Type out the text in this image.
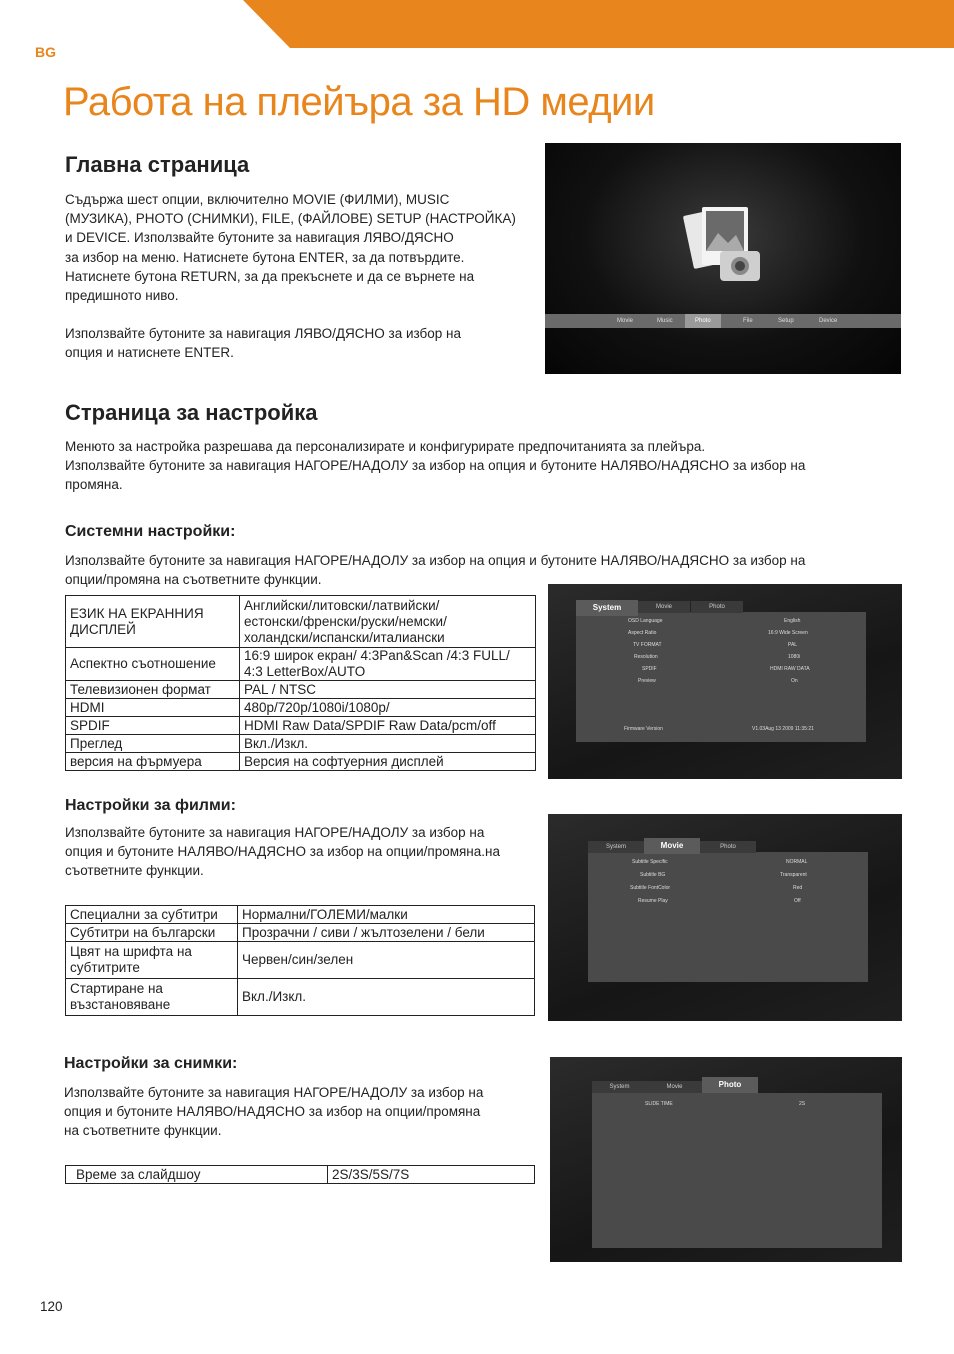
BG
Работа на плейъра за HD медии
Главна страница

Съдържа шест опции, включително MOVIE (ФИЛМИ), MUSIC
(МУЗИКА), PHOTO (СНИМКИ), FILE, (ФАЙЛОВЕ) SETUP (НАСТРОЙКА)
и DEVICE. Използвайте бутоните за навигация ЛЯВО/ДЯСНО
за избор на меню. Натиснете бутона ENTER, за да потвърдите.
Натиснете бутона RETURN, за да прекъснете и да се върнете на
предишното ниво.

Използвайте бутоните за навигация ЛЯВО/ДЯСНО за избор на
опция и натиснете ENTER.

Movie	Music	Photo	File	Setup	Device
Страница за настройка

Менюто за настройка разрешава да персонализирате и конфигурирате предпочитанията за плейъра.
Използвайте бутоните за навигация НАГОРЕ/НАДОЛУ за избор на опция и бутоните НАЛЯВО/НАДЯСНО за избор на
промяна.

Системни настройки:

Използвайте бутоните за навигация НАГОРЕ/НАДОЛУ за избор на опция и бутоните НАЛЯВО/НАДЯСНО за избор на
опции/промяна на съответните функции.

ЕЗИК НА ЕКРАННИЯ
ДИСПЛЕЙ	Английски/литовски/латвийски/
естонски/френски/руски/немски/
холандски/испански/италиански
Аспектно съотношение	16:9 широк екран/ 4:3Pan&Scan /4:3 FULL/
4:3 LetterBox/AUTO
Телевизионен формат	PAL / NTSC
HDMI	480p/720p/1080i/1080p/
SPDIF	HDMI Raw Data/SPDIF Raw Data/pcm/off
Преглед	Вкл./Изкл.
версия на фърмуера	Версия на софтуерния дисплей
System	Movie	Photo
OSD Language	English
Aspect Ratio	16:9 Wide Screen
TV FORMAT	PAL
Resolution	1080i
SPDIF	HDMI RAW DATA
Preview	On
Firmware Version	V1.03Aug 13 2009 11:35:21
Настройки за филми:

Използвайте бутоните за навигация НАГОРЕ/НАДОЛУ за избор на
опция и бутоните НАЛЯВО/НАДЯСНО за избор на опции/промяна.на
съответните функции.

Специални за субтитри	Нормални/ГОЛЕМИ/малки
Субтитри на български	Прозрачни / сиви / жълтозелени / бели
Цвят на шрифта на
субтитрите	Червен/син/зелен
Стартиране на
възстановяване	Вкл./Изкл.
System	Movie	Photo
Subtitle Specific	NORMAL
Subtitle BG	Transparent
Subtitle FontColor	Red
Resume Play	Off
Настройки за снимки:

Използвайте бутоните за навигация НАГОРЕ/НАДОЛУ за избор на
опция и бутоните НАЛЯВО/НАДЯСНО за избор на опции/промяна
на съответните функции.

Време за слайдшоу	2S/3S/5S/7S
System	Movie	Photo
SLIDE TIME	2S
120
